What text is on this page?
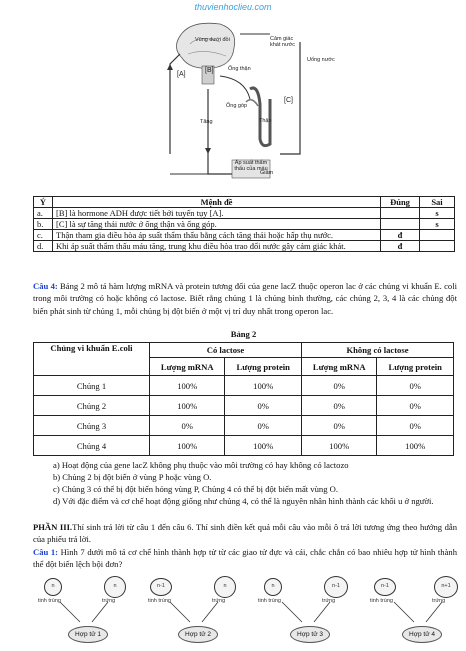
thuvienhoclieu.com
Vùng dưới đồi	Cảm giác khát nước
Uống nước
Ống thận
Ống góp
Thận
Tăng
Giảm
Áp suất thẩm thấu của máu
[A]
[B]
[C]
Ý	Mệnh đề	Đúng	Sai
a.	[B] là hormone ADH được tiết bởi tuyến tụy [A].		s
b.	[C] là sự tăng thải nước ở ống thận và ống góp.		s
c.	Thận tham gia điều hòa áp suất thẩm thấu bằng cách tăng thải hoặc hấp thụ nước.	đ	
d.	Khi áp suất thẩm thấu máu tăng, trung khu điều hòa trao đổi nước gây cảm giác khát.	đ	
Câu 4: Bảng 2 mô tả hàm lượng mRNA và protein tương đối của gene lacZ thuộc operon lac ở các chủng vi khuẩn E. coli trong môi trường có hoặc không có lactose. Biết rằng chủng 1 là chủng bình thường, các chủng 2, 3, 4 là các chủng đột biến phát sinh từ chủng 1, mỗi chủng bị đột biến ở một vị trí duy nhất trong operon lac.
Bảng 2
Chủng vi khuẩn E.coli	Có lactose		Không có lactose	
	Lượng mRNA	Lượng protein	Lượng mRNA	Lượng protein
Chủng 1	100%	100%	0%	0%
Chủng 2	100%	0%	0%	0%
Chủng 3	0%	0%	0%	0%
Chủng 4	100%	100%	100%	100%
a) Hoạt động của gene lacZ không phụ thuộc vào môi trường có hay không có lactozo
b) Chủng 2 bị đột biến ở vùng P hoặc vùng O.
c) Chủng 3 có thể bị đột biến hỏng vùng P, Chủng 4 có thể bị đột biến mất vùng O.
d) Với đặc điểm và cơ chế hoạt động giống như chủng 4, có thể là nguyên nhân hình thành các khối u ở người.
PHẦN III.Thí sinh trả lời từ câu 1 đến câu 6. Thí sinh điền kết quả mỗi câu vào mỗi ô trả lời tương ứng theo hướng dẫn của phiếu trả lời.
Câu 1: Hình 7 dưới mô tả cơ chế hình thành hợp tử từ các giao tử đực và cái, chắc chắn có bao nhiêu hợp tử hình thành thể đột biến lệch bội đơn?
n	n
tinh trùng	trứng
Hợp tử 1
n-1	n
tinh trùng	trứng
Hợp tử 2
n	n-1
tinh trùng	trứng
Hợp tử 3
n-1	n+1
tinh trùng	trứng
Hợp tử 4
